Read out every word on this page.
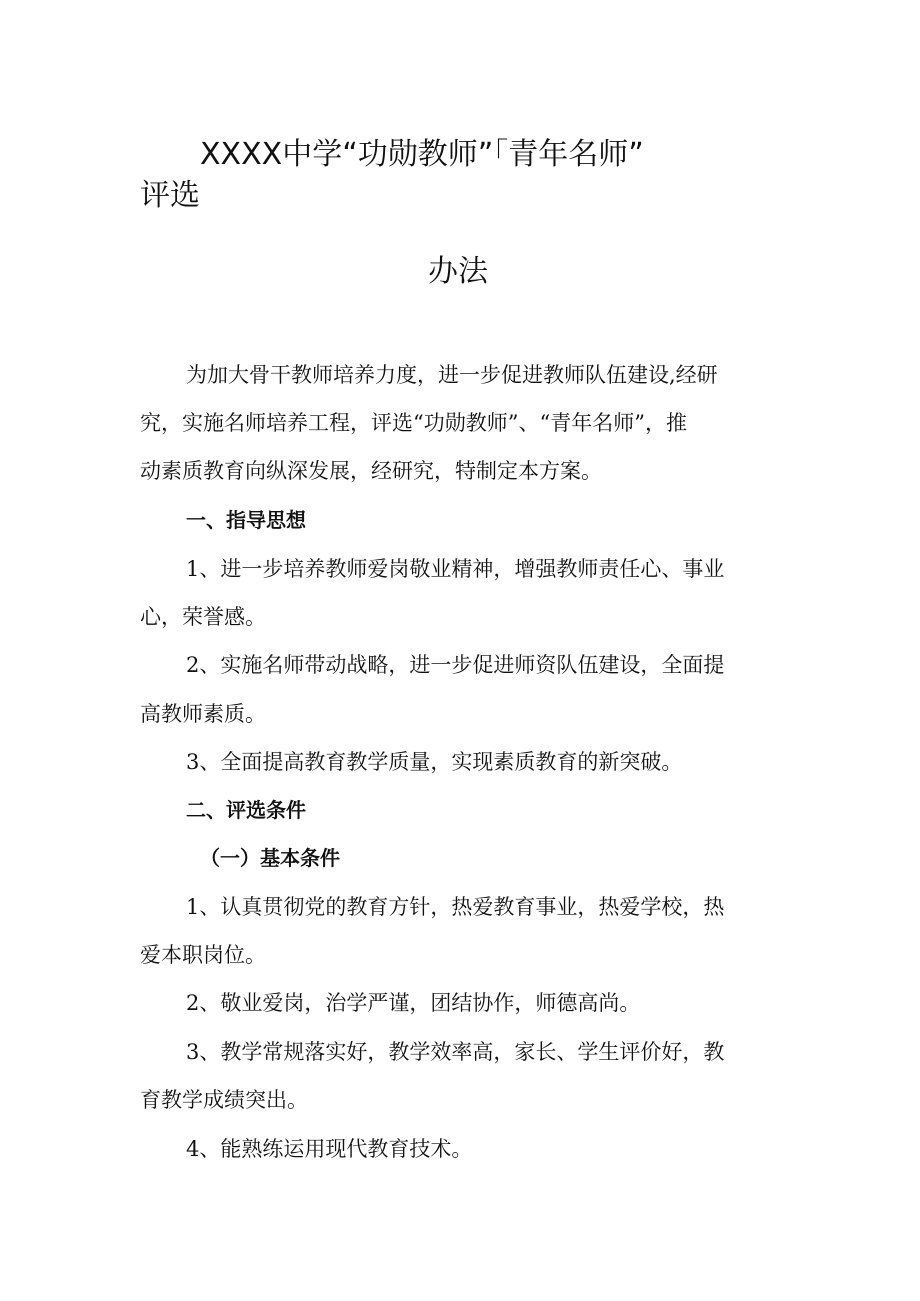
XXXX中学“功勋教师”「青年名师”
评选
办法
为加大骨干教师培养力度，进一步促进教师队伍建设,经研
究，实施名师培养工程，评选“功勋教师”、“青年名师”，推
动素质教育向纵深发展，经研究，特制定本方案。
一、指导思想
1、进一步培养教师爱岗敬业精神，增强教师责任心、事业
心，荣誉感。
2、实施名师带动战略，进一步促进师资队伍建设，全面提
高教师素质。
3、全面提高教育教学质量，实现素质教育的新突破。
二、评选条件
（一）基本条件
1、认真贯彻党的教育方针，热爱教育事业，热爱学校，热
爱本职岗位。
2、敬业爱岗，治学严谨，团结协作，师德高尚。
3、教学常规落实好，教学效率高，家长、学生评价好，教
育教学成绩突出。
4、能熟练运用现代教育技术。
